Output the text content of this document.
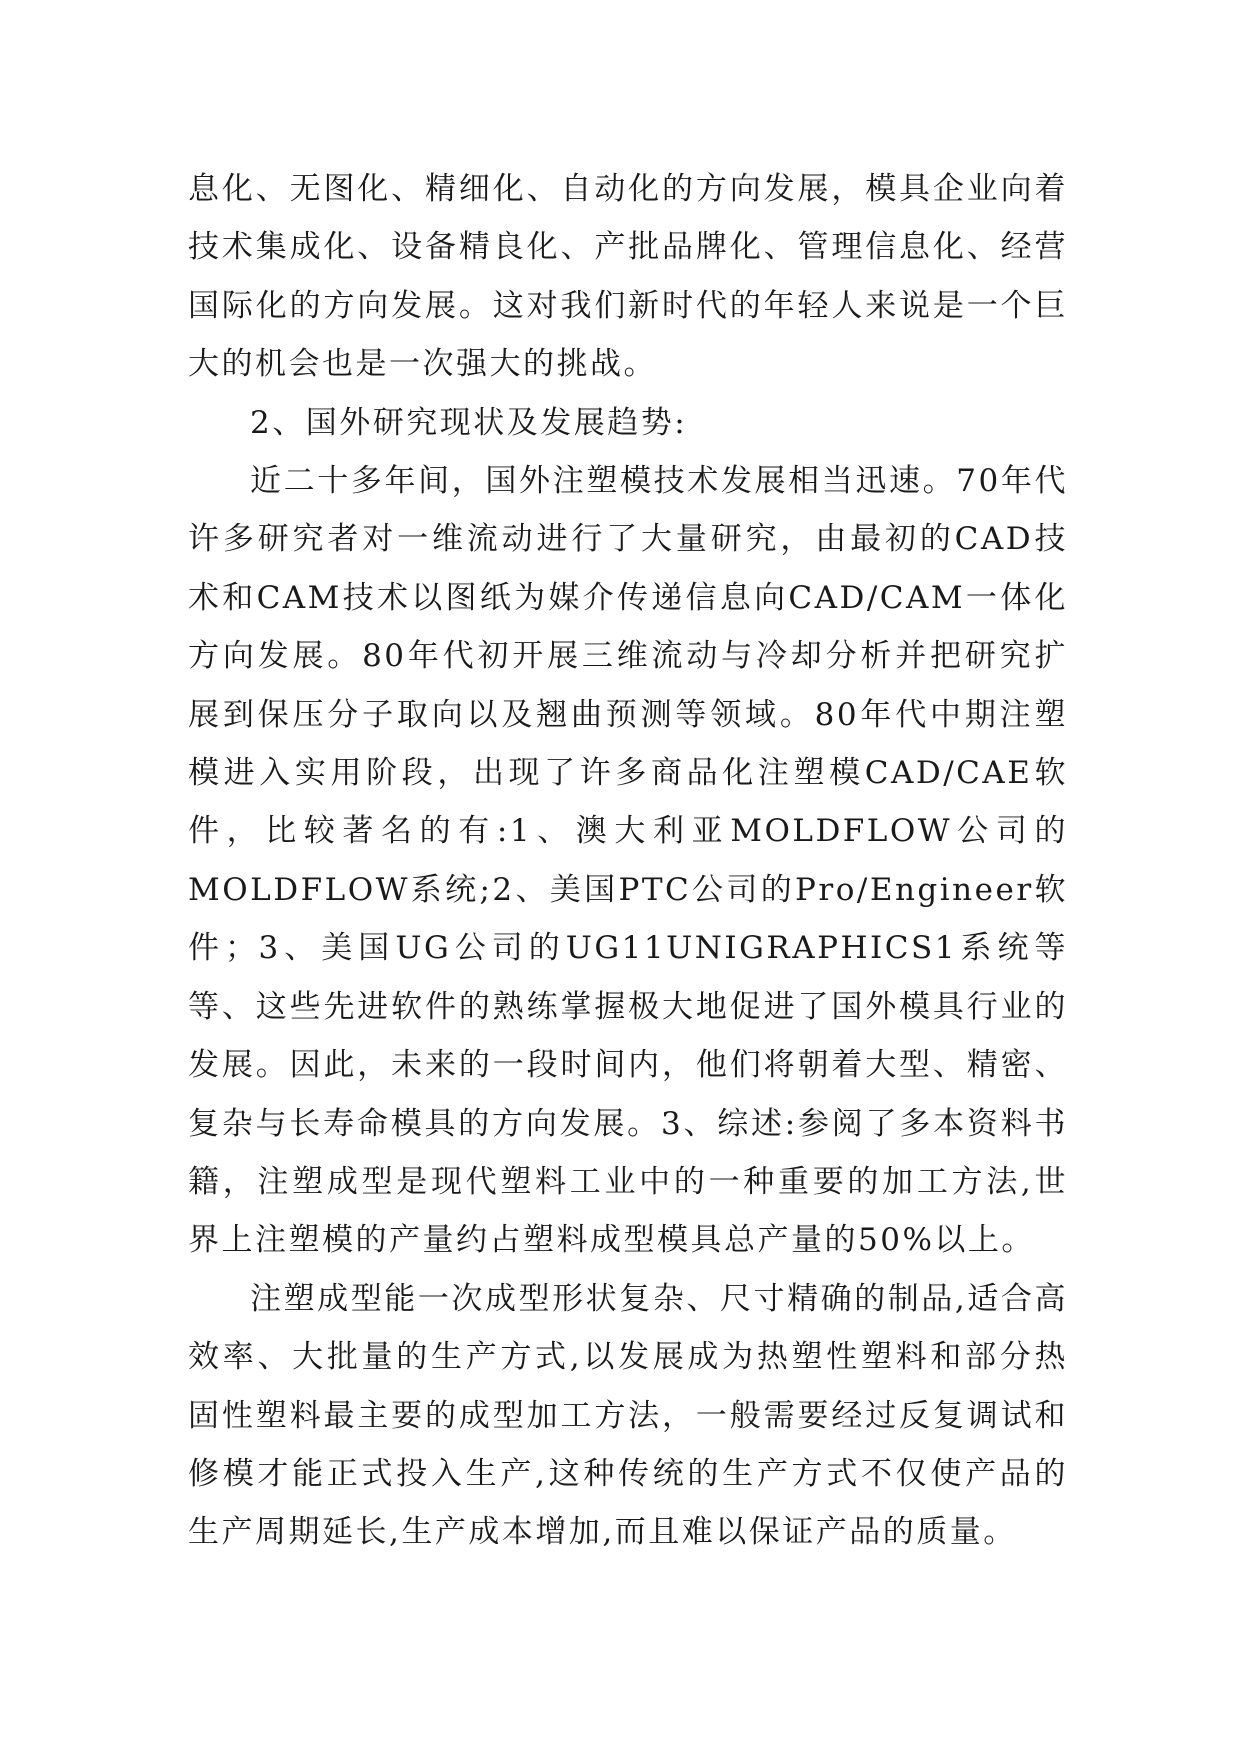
息化、无图化、精细化、自动化的方向发展，模具企业向着技术集成化、设备精良化、产批品牌化、管理信息化、经营国际化的方向发展。这对我们新时代的年轻人来说是一个巨大的机会也是一次强大的挑战。

2、国外研究现状及发展趋势:

近二十多年间，国外注塑模技术发展相当迅速。70年代许多研究者对一维流动进行了大量研究，由最初的CAD技术和CAM技术以图纸为媒介传递信息向CAD/CAM一体化方向发展。80年代初开展三维流动与冷却分析并把研究扩展到保压分子取向以及翘曲预测等领域。80年代中期注塑模进入实用阶段，出现了许多商品化注塑模CAD/CAE软件，比较著名的有:1、澳大利亚MOLDFLOW公司的MOLDFLOW系统;2、美国PTC公司的Pro/Engineer软件；3、美国UG公司的UG11UNIGRAPHICS1系统等等、这些先进软件的熟练掌握极大地促进了国外模具行业的发展。因此，未来的一段时间内，他们将朝着大型、精密、复杂与长寿命模具的方向发展。3、综述:参阅了多本资料书籍，注塑成型是现代塑料工业中的一种重要的加工方法,世界上注塑模的产量约占塑料成型模具总产量的50%以上。

注塑成型能一次成型形状复杂、尺寸精确的制品,适合高效率、大批量的生产方式,以发展成为热塑性塑料和部分热固性塑料最主要的成型加工方法，一般需要经过反复调试和修模才能正式投入生产,这种传统的生产方式不仅使产品的生产周期延长,生产成本增加,而且难以保证产品的质量。
